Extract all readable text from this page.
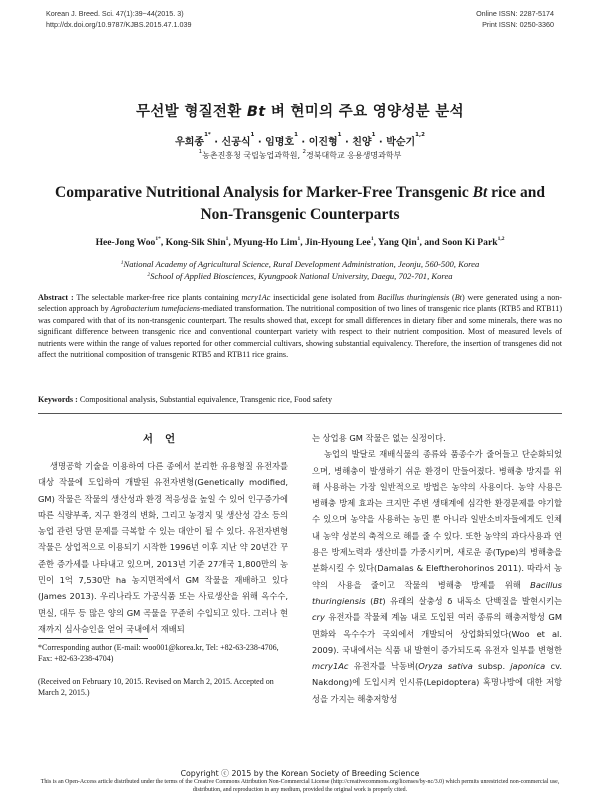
Korean J. Breed. Sci. 47(1):39~44(2015. 3)
http://dx.doi.org/10.9787/KJBS.2015.47.1.039
Online ISSN: 2287-5174
Print ISSN: 0250-3360
무선발 형질전환 Bt 벼 현미의 주요 영양성분 분석
우희종$^{1*}$ · 신공식$^1$ · 임명호$^1$ · 이진형$^1$ · 친양$^1$ · 박순기$^{1,2}$
$^1$농촌진흥청 국립농업과학원, $^2$경북대학교 응용생명과학부
Comparative Nutritional Analysis for Marker-Free Transgenic Bt rice and
Non-Transgenic Counterparts
Hee-Jong Woo$^{1*}$, Kong-Sik Shin$^1$, Myung-Ho Lim$^1$, Jin-Hyoung Lee$^1$, Yang Qin$^1$, and Soon Ki Park$^{1,2}$
$^1$National Academy of Agricultural Science, Rural Development Administration, Jeonju, 560-500, Korea
$^2$School of Applied Biosciences, Kyungpook National University, Daegu, 702-701, Korea
Abstract : The selectable marker-free rice plants containing mcry1Ac insecticidal gene isolated from Bacillus thuringiensis (Bt) were generated using a non-selection approach by Agrobacterium tumefaciens-mediated transformation. The nutritional composition of two lines of transgenic rice plants (RTB5 and RTB11) was compared with that of its non-transgenic counterpart. The results showed that, except for small differences in dietary fiber and some minerals, there was no significant difference between transgenic rice and conventional counterpart variety with respect to their nutrient composition. Most of measured levels of nutrients were within the range of values reported for other commercial cultivars, showing substantial equivalency. Therefore, the insertion of transgenes did not affect the nutritional composition of transgenic RTB5 and RTB11 rice grains.
Keywords : Compositional analysis, Substantial equivalence, Transgenic rice, Food safety
서언

생명공학 기술을 이용하여 다른 종에서 분리한 유용형질 유전자를 대상 작물에 도입하여 개발된 유전자변형(Genetically modified, GM) 작물은 작물의 생산성과 환경 적응성을 높일 수 있어 인구증가에 따른 식량부족, 지구 환경의 변화, 그리고 농경지 및 생산성 감소 등의 농업 관련 당면 문제를 극복할 수 있는 대안이 될 수 있다. 유전자변형 작물은 상업적으로 이용되기 시작한 1996년 이후 지난 약 20년간 꾸준한 증가세를 나타내고 있으며, 2013년 기준 27개국 1,800만의 농민이 1억 7,530만 ha 농지면적에서 GM 작물을 재배하고 있다(James 2013). 우리나라도 가공식품 또는 사료생산을 위해 옥수수, 면실, 대두 등 많은 양의 GM 곡물을 꾸준히 수입되고 있다. 그러나 현재까지 심사승인을 얻어 국내에서 재배되

는 상업용 GM 작물은 없는 실정이다.

농업의 발달로 재배식물의 종류와 품종수가 줄어들고 단순화되었으며, 병해충이 발생하기 쉬운 환경이 만들어졌다. 병해충 방지를 위해 사용하는 가장 일반적으로 방법은 농약의 사용이다. 농약 사용은 병해충 방제 효과는 크지만 주변 생태계에 심각한 환경문제를 야기할 수 있으며 농약을 사용하는 농민 뿐 아니라 일반소비자들에게도 인체 내 농약 성분의 축적으로 해를 줄 수 있다. 또한 농약의 과다사용과 연용은 방제노력과 생산비를 가중시키며, 새로운 종(Type)의 병해충을 분화시킬 수 있다(Damalas & Eleftherohorinos 2011). 따라서 농약의 사용을 줄이고 작물의 병해충 방제를 위해 Bacillus thuringiensis (Bt) 유래의 살충성 δ 내독소 단백질을 발현시키는 cry 유전자를 작물체 계놈 내로 도입된 여러 종류의 해충저항성 GM 면화와 옥수수가 국외에서 개발되어 상업화되었다(Woo et al. 2009). 국내에서는 식품 내 발현이 증가되도록 유전자 일부를 변형한 mcry1Ac 유전자를 낙동벼(Oryza sativa subsp. japonica cv. Nakdong)에 도입시켜 인시류(Lepidoptera) 혹명나방에 대한 저항성을 가지는 해충저항성

*Corresponding author (E-mail: woo001@korea.kr, Tel: +82-63-238-4706, Fax: +82-63-238-4704)
(Received on February 10, 2015. Revised on March 2, 2015. Accepted on March 2, 2015.)
Copyright ⓒ 2015 by the Korean Society of Breeding Science
This is an Open-Access article distributed under the terms of the Creative Commons Attribution Non-Commercial License (http://creativecommons.org/licenses/by-nc/3.0) which permits unrestricted non-commercial use, distribution, and reproduction in any medium, provided the original work is properly cited.
